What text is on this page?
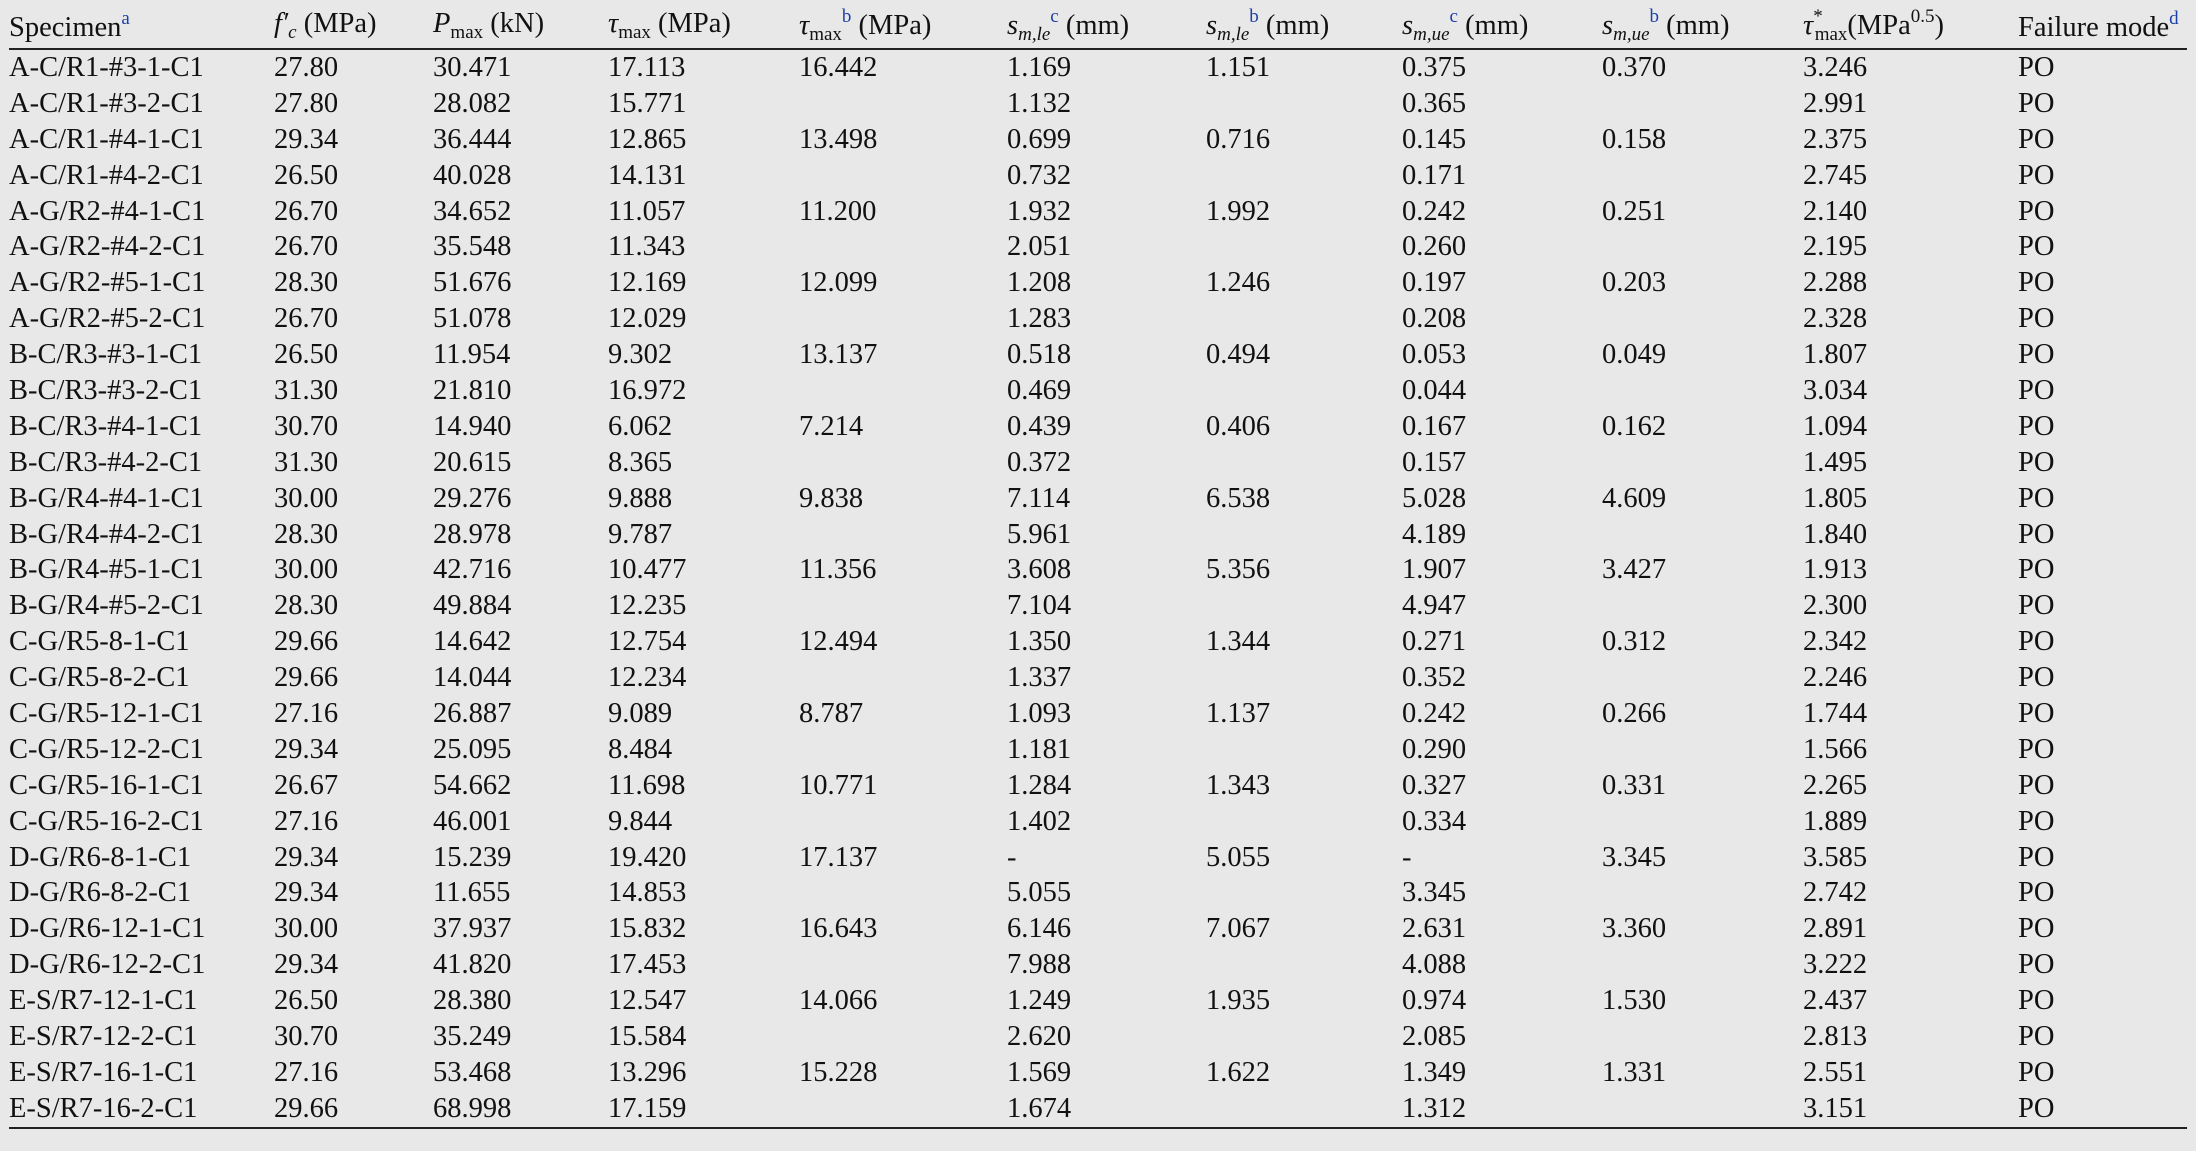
Specimen$^a$	$f'_c$ (MPa)	$P_{max}$ (kN)	$\tau_{max}$ (MPa)	$\tau_{max}^b$ (MPa)	$s_{m,le}^c$ (mm)	$s_{m,le}^b$ (mm)	$s_{m,ue}^c$ (mm)	$s_{m,ue}^b$ (mm)	$\tau^*_{max}(MPa^{0.5})$	Failure mode$^d$
A-C/R1-#3-1-C1	27.80	30.471	17.113	16.442	1.169	1.151	0.375	0.370	3.246	PO
A-C/R1-#3-2-C1	27.80	28.082	15.771		1.132		0.365		2.991	PO
A-C/R1-#4-1-C1	29.34	36.444	12.865	13.498	0.699	0.716	0.145	0.158	2.375	PO
A-C/R1-#4-2-C1	26.50	40.028	14.131		0.732		0.171		2.745	PO
A-G/R2-#4-1-C1	26.70	34.652	11.057	11.200	1.932	1.992	0.242	0.251	2.140	PO
A-G/R2-#4-2-C1	26.70	35.548	11.343		2.051		0.260		2.195	PO
A-G/R2-#5-1-C1	28.30	51.676	12.169	12.099	1.208	1.246	0.197	0.203	2.288	PO
A-G/R2-#5-2-C1	26.70	51.078	12.029		1.283		0.208		2.328	PO
B-C/R3-#3-1-C1	26.50	11.954	9.302	13.137	0.518	0.494	0.053	0.049	1.807	PO
B-C/R3-#3-2-C1	31.30	21.810	16.972		0.469		0.044		3.034	PO
B-C/R3-#4-1-C1	30.70	14.940	6.062	7.214	0.439	0.406	0.167	0.162	1.094	PO
B-C/R3-#4-2-C1	31.30	20.615	8.365		0.372		0.157		1.495	PO
B-G/R4-#4-1-C1	30.00	29.276	9.888	9.838	7.114	6.538	5.028	4.609	1.805	PO
B-G/R4-#4-2-C1	28.30	28.978	9.787		5.961		4.189		1.840	PO
B-G/R4-#5-1-C1	30.00	42.716	10.477	11.356	3.608	5.356	1.907	3.427	1.913	PO
B-G/R4-#5-2-C1	28.30	49.884	12.235		7.104		4.947		2.300	PO
C-G/R5-8-1-C1	29.66	14.642	12.754	12.494	1.350	1.344	0.271	0.312	2.342	PO
C-G/R5-8-2-C1	29.66	14.044	12.234		1.337		0.352		2.246	PO
C-G/R5-12-1-C1	27.16	26.887	9.089	8.787	1.093	1.137	0.242	0.266	1.744	PO
C-G/R5-12-2-C1	29.34	25.095	8.484		1.181		0.290		1.566	PO
C-G/R5-16-1-C1	26.67	54.662	11.698	10.771	1.284	1.343	0.327	0.331	2.265	PO
C-G/R5-16-2-C1	27.16	46.001	9.844		1.402		0.334		1.889	PO
D-G/R6-8-1-C1	29.34	15.239	19.420	17.137	-	5.055	-	3.345	3.585	PO
D-G/R6-8-2-C1	29.34	11.655	14.853		5.055		3.345		2.742	PO
D-G/R6-12-1-C1	30.00	37.937	15.832	16.643	6.146	7.067	2.631	3.360	2.891	PO
D-G/R6-12-2-C1	29.34	41.820	17.453		7.988		4.088		3.222	PO
E-S/R7-12-1-C1	26.50	28.380	12.547	14.066	1.249	1.935	0.974	1.530	2.437	PO
E-S/R7-12-2-C1	30.70	35.249	15.584		2.620		2.085		2.813	PO
E-S/R7-16-1-C1	27.16	53.468	13.296	15.228	1.569	1.622	1.349	1.331	2.551	PO
E-S/R7-16-2-C1	29.66	68.998	17.159		1.674		1.312		3.151	PO
